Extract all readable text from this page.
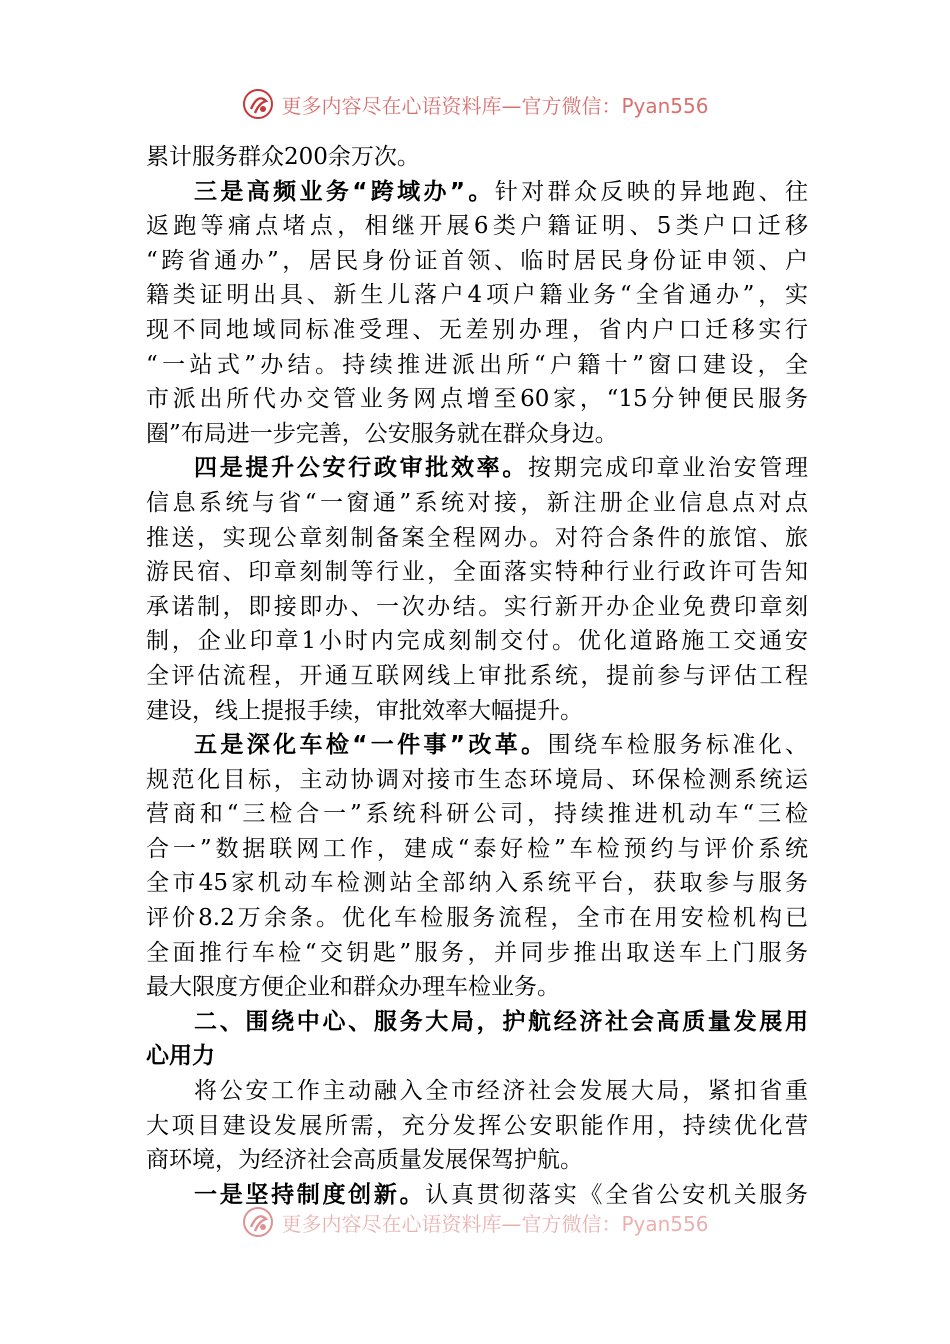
更多内容尽在心语资料库—官方微信：Pyan556
累计服务群众200余万次。
三是高频业务“跨域办”。针对群众反映的异地跑、往
返跑等痛点堵点，相继开展6类户籍证明、5类户口迁移
“跨省通办”，居民身份证首领、临时居民身份证申领、户
籍类证明出具、新生儿落户4项户籍业务“全省通办”，实
现不同地域同标准受理、无差别办理，省内户口迁移实行
“一站式”办结。持续推进派出所“户籍十”窗口建设，全
市派出所代办交管业务网点增至60家，“15分钟便民服务
圈”布局进一步完善，公安服务就在群众身边。
四是提升公安行政审批效率。按期完成印章业治安管理
信息系统与省“一窗通”系统对接，新注册企业信息点对点
推送，实现公章刻制备案全程网办。对符合条件的旅馆、旅
游民宿、印章刻制等行业，全面落实特种行业行政许可告知
承诺制，即接即办、一次办结。实行新开办企业免费印章刻
制，企业印章1小时内完成刻制交付。优化道路施工交通安
全评估流程，开通互联网线上审批系统，提前参与评估工程
建设，线上提报手续，审批效率大幅提升。
五是深化车检“一件事”改革。围绕车检服务标准化、
规范化目标，主动协调对接市生态环境局、环保检测系统运
营商和“三检合一”系统科研公司，持续推进机动车“三检
合一”数据联网工作，建成“泰好检”车检预约与评价系统
全市45家机动车检测站全部纳入系统平台，获取参与服务
评价8.2万余条。优化车检服务流程，全市在用安检机构已
全面推行车检“交钥匙”服务，并同步推出取送车上门服务
最大限度方便企业和群众办理车检业务。
二、围绕中心、服务大局，护航经济社会高质量发展用
心用力
将公安工作主动融入全市经济社会发展大局，紧扣省重
大项目建设发展所需，充分发挥公安职能作用，持续优化营
商环境，为经济社会高质量发展保驾护航。
一是坚持制度创新。认真贯彻落实《全省公安机关服务
更多内容尽在心语资料库—官方微信：Pyan556
